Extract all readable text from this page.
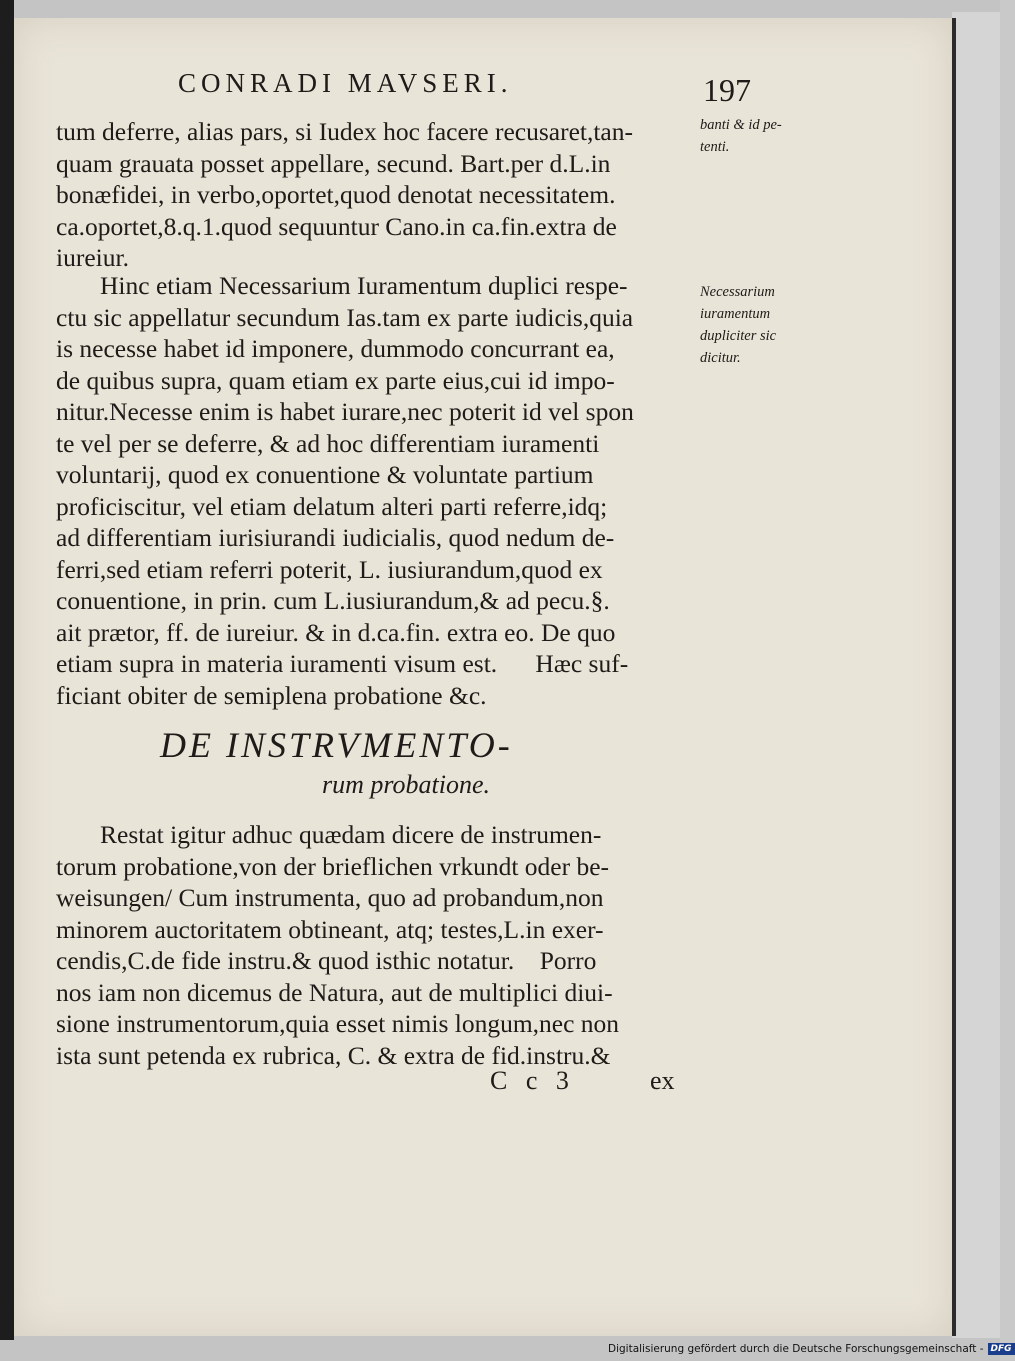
CONRADI MAVSERI.	197

tum deferre, alias pars, si Iudex hoc facere recusaret,tan-
quam grauata posset appellare, secund. Bart.per d.L.in
bonæfidei, in verbo,oportet,quod denotat necessitatem.
ca.oportet,8.q.1.quod sequuntur Cano.in ca.fin.extra de
iureiur.

Hinc etiam Necessarium Iuramentum duplici respe-
ctu sic appellatur secundum Ias.tam ex parte iudicis,quia
is necesse habet id imponere, dummodo concurrant ea,
de quibus supra, quam etiam ex parte eius,cui id impo-
nitur.Necesse enim is habet iurare,nec poterit id vel spon
te vel per se deferre, & ad hoc differentiam iuramenti
voluntarij, quod ex conuentione & voluntate partium
proficiscitur, vel etiam delatum alteri parti referre,idq;
ad differentiam iurisiurandi iudicialis, quod nedum de-
ferri,sed etiam referri poterit, L. iusiurandum,quod ex
conuentione, in prin. cum L.iusiurandum,& ad pecu.§.
ait prætor, ff. de iureiur. & in d.ca.fin. extra eo. De quo
etiam supra in materia iuramenti visum est.      Hæc suf-
ficiant obiter de semiplena probatione &c.

DE INSTRVMENTO-
rum probatione.

Restat igitur adhuc quædam dicere de instrumen-
torum probatione,von der brieflichen vrkundt oder be-
weisungen/ Cum instrumenta, quo ad probandum,non
minorem auctoritatem obtineant, atq; testes,L.in exer-
cendis,C.de fide instru.& quod isthic notatur.    Porro
nos iam non dicemus de Natura, aut de multiplici diui-
sione instrumentorum,quia esset nimis longum,nec non
ista sunt petenda ex rubrica, C. & extra de fid.instru.&

C c 3	ex

banti & id pe-
tenti.

Necessarium
iuramentum
dupliciter sic
dicitur.

Digitalisierung gefördert durch die Deutsche Forschungsgemeinschaft - DFG
